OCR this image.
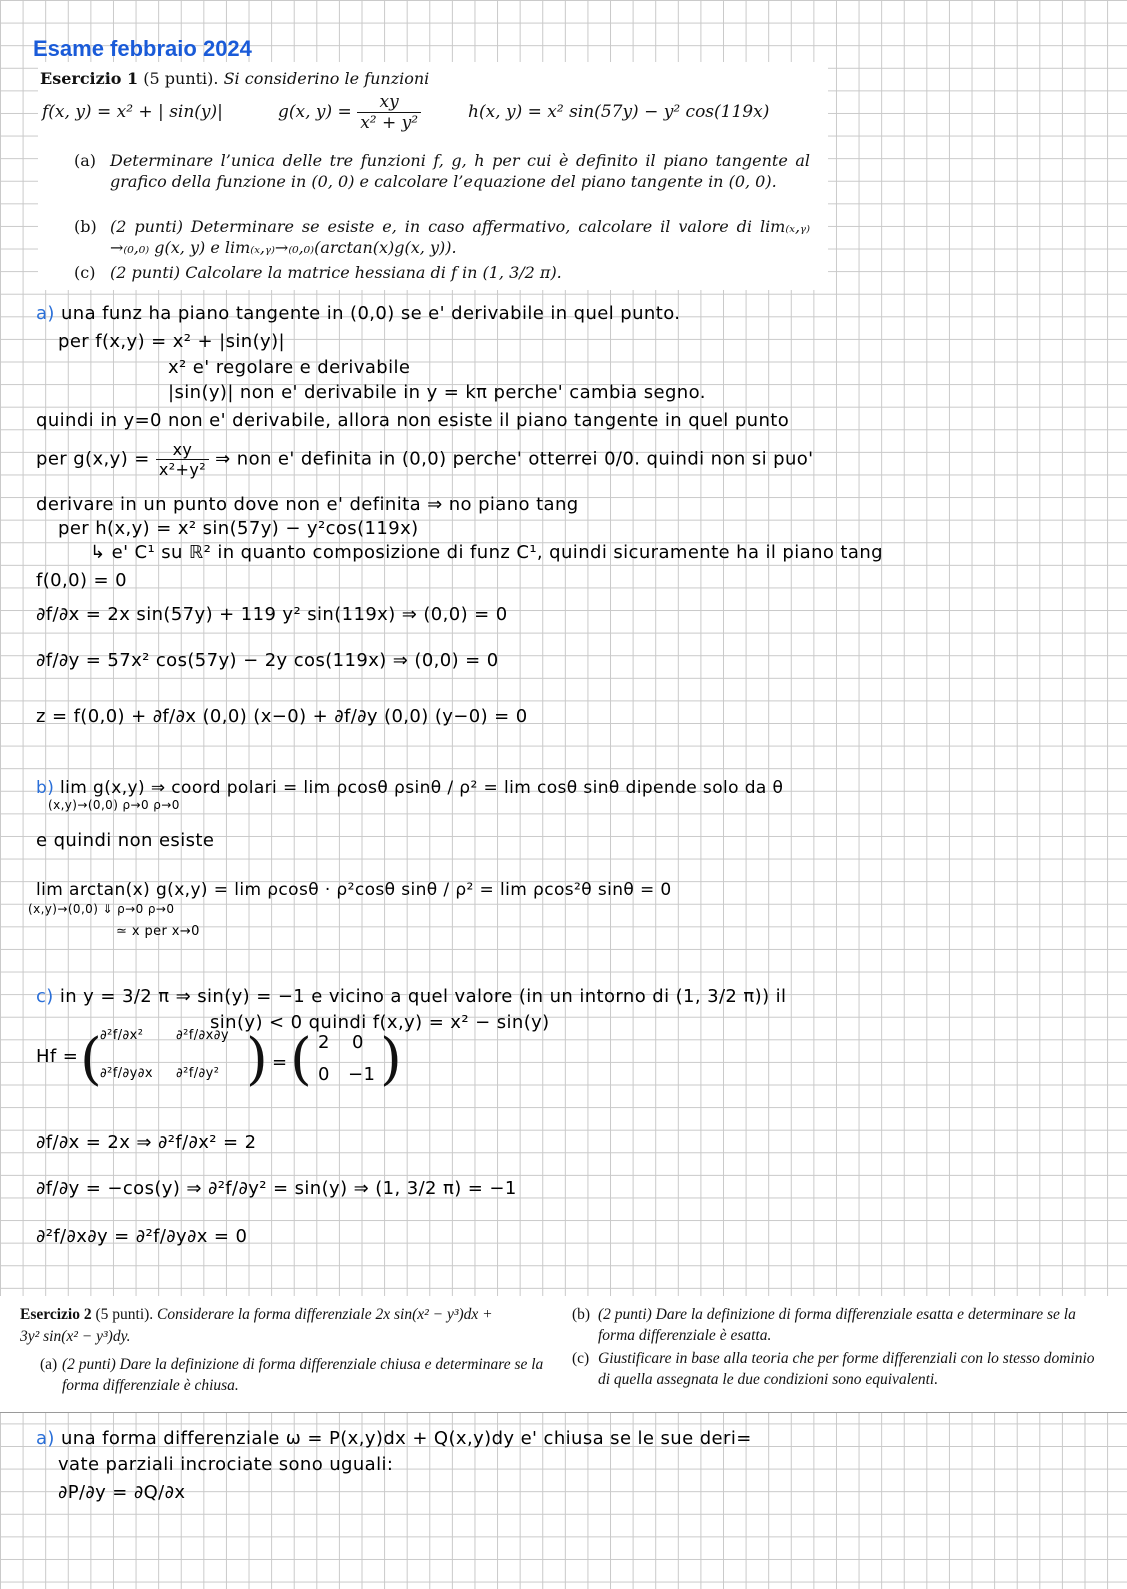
Esame febbraio 2024
Esercizio 1 (5 punti). Si considerino le funzioni
f(x, y) = x² + | sin(y)|	g(x, $y) = \frac{xy}{\text{x² + y²}}$	h(x, y) = x² sin(57y) − y² cos(119x)
(a) Determinare l’unica delle tre funzioni f, g, h per cui è definito il piano tangente al grafico della funzione in (0, 0) e calcolare l’equazione del piano tangente in (0, 0).
(b) (2 punti) Determinare se esiste e, in caso affermativo, calcolare il valore di lim₍ₓ,ᵧ₎→₍₀,₀₎ g(x, y) e lim₍ₓ,ᵧ₎→₍₀,₀₎(arctan(x)g(x, y)).
(c) (2 punti) Calcolare la matrice hessiana di f in (1, 3/2 π).
a) una funz ha piano tangente in (0,0) se e' derivabile in quel punto.
per f(x,y) = x² + |sin(y)|
x² e' regolare e derivabile
|sin(y)| non e' derivabile in y = kπ perche' cambia segno.
quindi in y=0 non e' derivabile, allora non esiste il piano tangente in quel punto
per $g(x,y) = \frac{xy}{\text{x²+y²}}$ ⇒ non e' definita in (0,0) perche' otterrei 0/0. quindi non si puo'
derivare in un punto dove non e' definita ⇒ no piano tang
per h(x,y) = x² sin(57y) − y²cos(119x)
↳ e' C¹ su ℝ² in quanto composizione di funz C¹, quindi sicuramente ha il piano tang
f(0,0) = 0
∂f/∂x = 2x sin(57y) + 119 y² sin(119x) ⇒ (0,0) = 0
∂f/∂y = 57x² cos(57y) − 2y cos(119x) ⇒ (0,0) = 0
z = f(0,0) + ∂f/∂x (0,0) (x−0) + ∂f/∂y (0,0) (y−0) = 0
b) lim g(x,y) ⇒ coord polari = lim ρcosθ ρsinθ / ρ² = lim cosθ sinθ dipende solo da θ
(x,y)→(0,0) ρ→0 ρ→0
e quindi non esiste
lim arctan(x) g(x,y) = lim ρcosθ · ρ²cosθ sinθ / ρ² = lim ρcos²θ sinθ = 0
(x,y)→(0,0) ⇓ ρ→0 ρ→0
≃ x per x→0
c) in y = 3/2 π ⇒ sin(y) = −1 e vicino a quel valore (in un intorno di (1, 3/2 π)) il
sin(y) < 0 quindi f(x,y) = x² − sin(y)
Hf = (
∂²f/∂x²	∂²f/∂x∂y
∂²f/∂y∂x ∂²f/∂y² ) = ( 2 0
0 −1 )
∂f/∂x = 2x ⇒ ∂²f/∂x² = 2
∂f/∂y = −cos(y) ⇒ ∂²f/∂y² = sin(y) ⇒ (1, 3/2 π) = −1
∂²f/∂x∂y = ∂²f/∂y∂x = 0
Esercizio 2 (5 punti). Considerare la forma differenziale 2x sin(x² − y³)dx +
3y² sin(x² − y³)dy.
(a) (2 punti) Dare la definizione di forma differenziale chiusa e determinare se la forma differenziale è chiusa.
(b) (2 punti) Dare la definizione di forma differenziale esatta e determinare se la forma differenziale è esatta.
(c) Giustificare in base alla teoria che per forme differenziali con lo stesso dominio di quella assegnata le due condizioni sono equivalenti.
a) una forma differenziale ω = P(x,y)dx + Q(x,y)dy e' chiusa se le sue deri=
vate parziali incrociate sono uguali:
∂P/∂y = ∂Q/∂x
